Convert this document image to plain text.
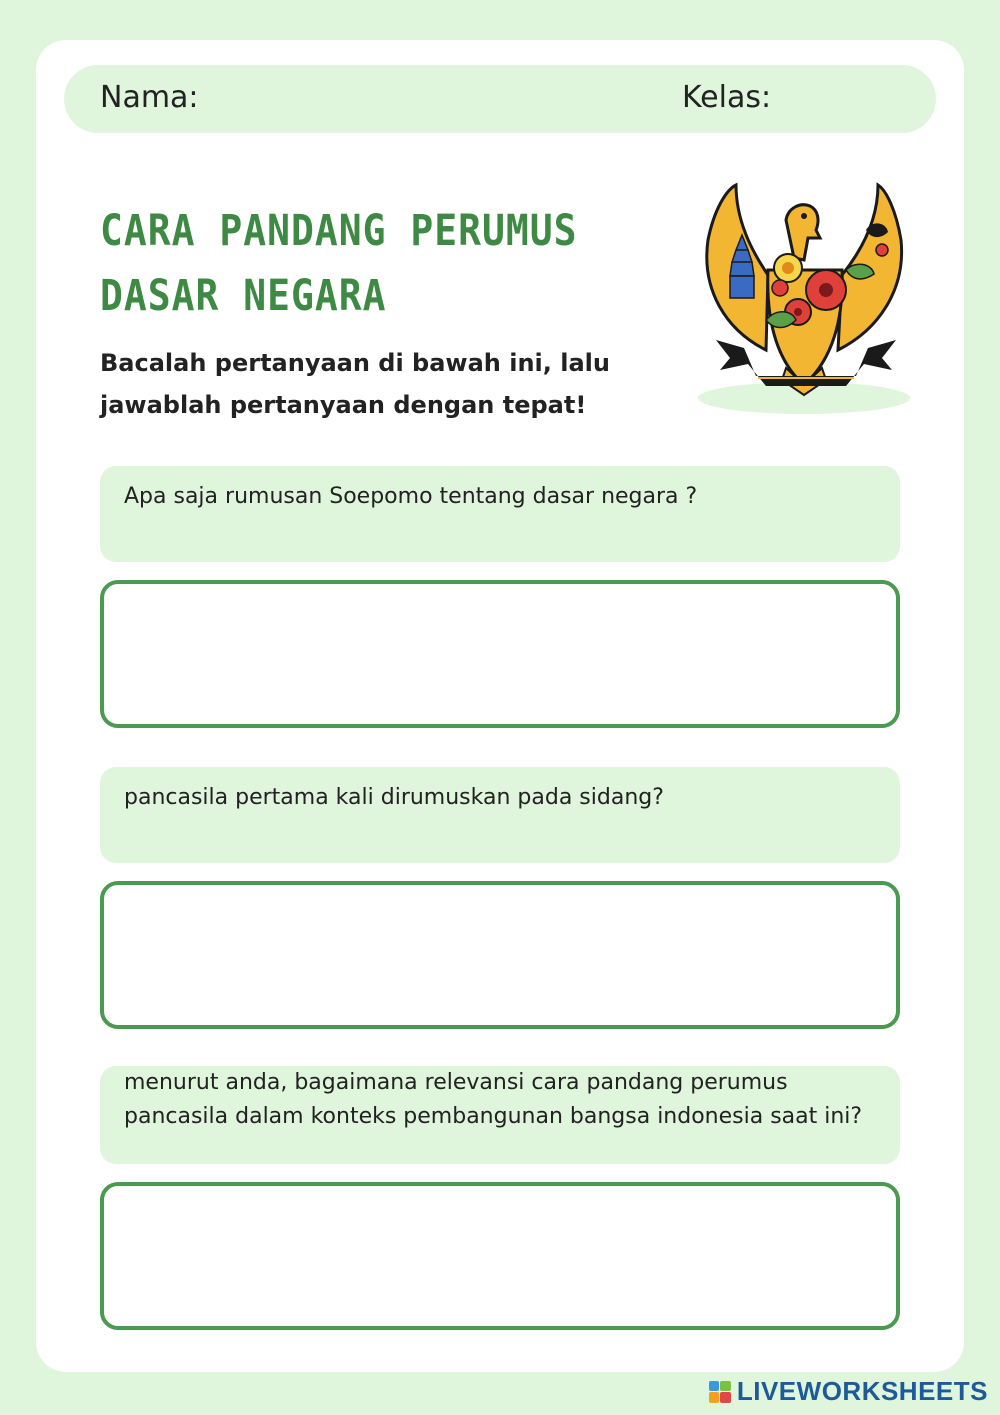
Nama:	Kelas:
CARA PANDANG PERUMUS
DASAR NEGARA
Bacalah pertanyaan di bawah ini, lalu
jawablah pertanyaan dengan tepat!
Apa saja rumusan Soepomo tentang dasar negara ?
pancasila pertama kali dirumuskan pada sidang?
menurut anda, bagaimana relevansi cara pandang perumus pancasila dalam konteks pembangunan bangsa indonesia saat ini?
LIVEWORKSHEETS
